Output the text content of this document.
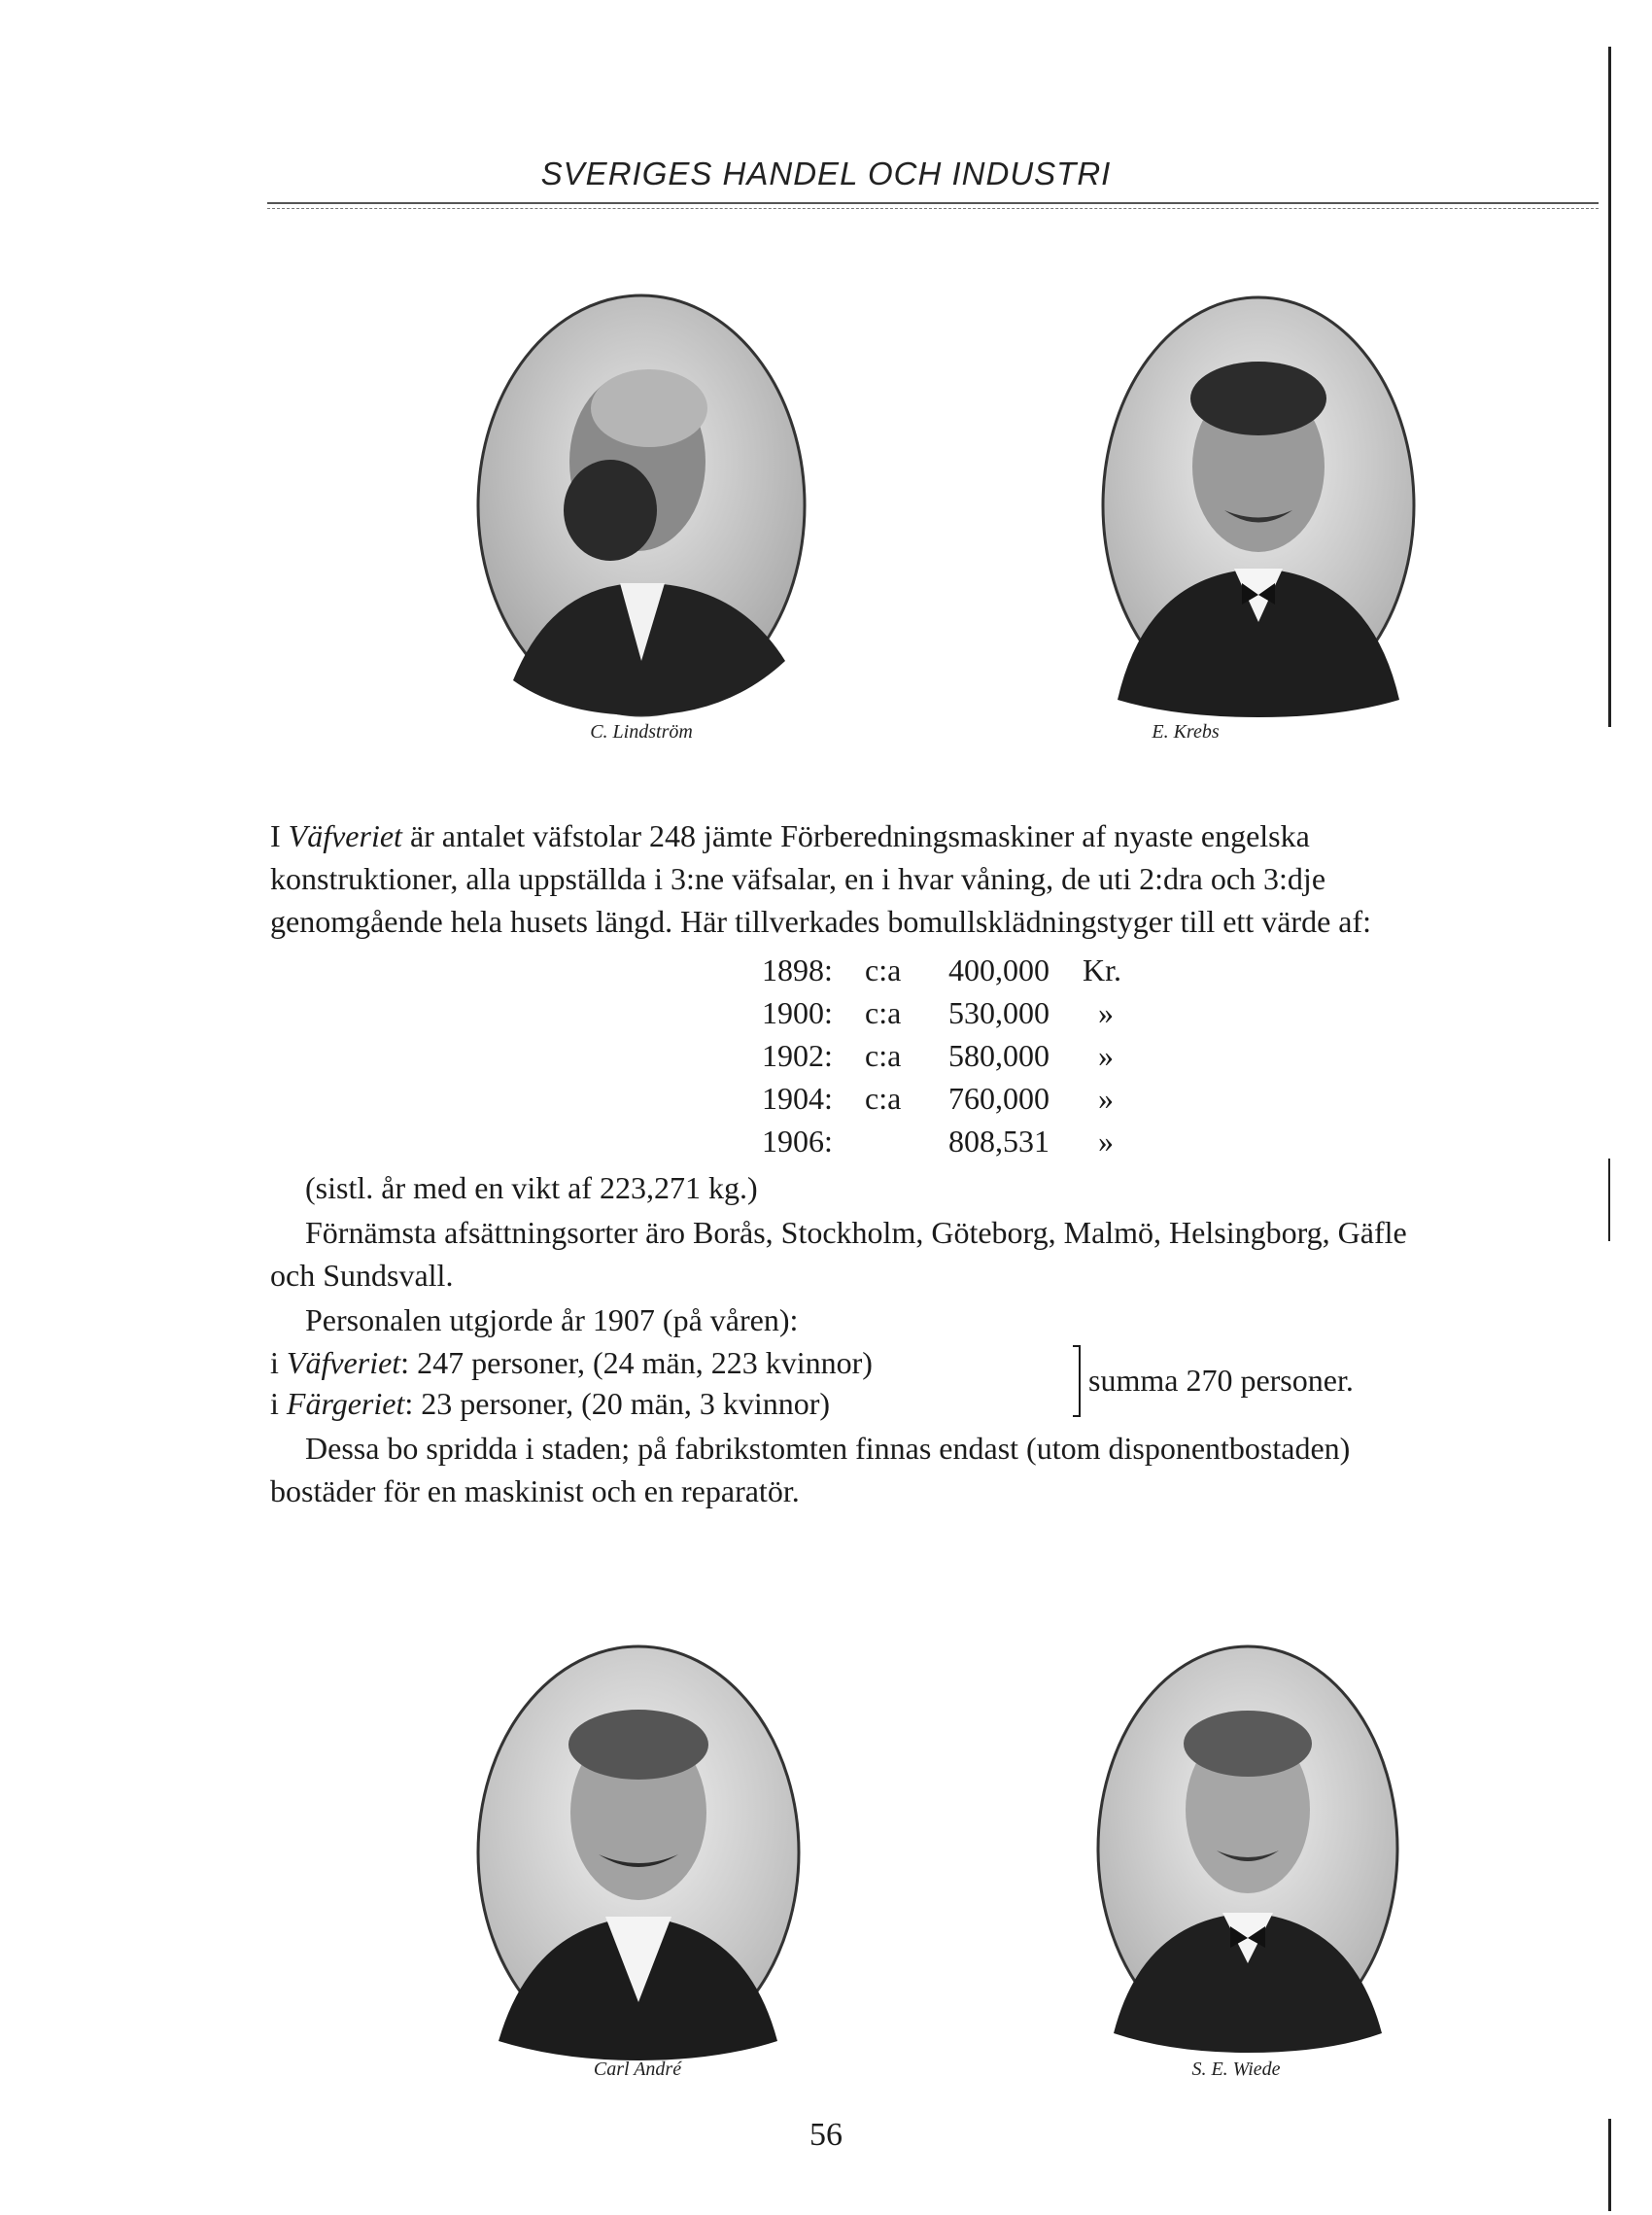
SVERIGES HANDEL OCH INDUSTRI
C. Lindström	E. Krebs
I Väfveriet är antalet väfstolar 248 jämte Förberedningsmaskiner af nyaste engelska
konstruktioner, alla uppställda i 3:ne väfsalar, en i hvar våning, de uti 2:dra och 3:dje
genomgående hela husets längd. Här tillverkades bomullsklädningstyger till ett värde af:
1898: c:a 400,000 Kr.
1900: c:a 530,000 »
1902: c:a 580,000 »
1904: c:a 760,000 »
1906:	808,531 »
(sistl. år med en vikt af 223,271 kg.)
Förnämsta afsättningsorter äro Borås, Stockholm, Göteborg, Malmö, Helsingborg, Gäfle
och Sundsvall.
Personalen utgjorde år 1907 (på våren):
i Väfveriet: 247 personer, (24 män, 223 kvinnor)
i Färgeriet: 23 personer, (20 män, 3 kvinnor)
summa 270 personer.
Dessa bo spridda i staden; på fabrikstomten finnas endast (utom disponentbostaden)
bostäder för en maskinist och en reparatör.
Carl André	S. E. Wiede
56
